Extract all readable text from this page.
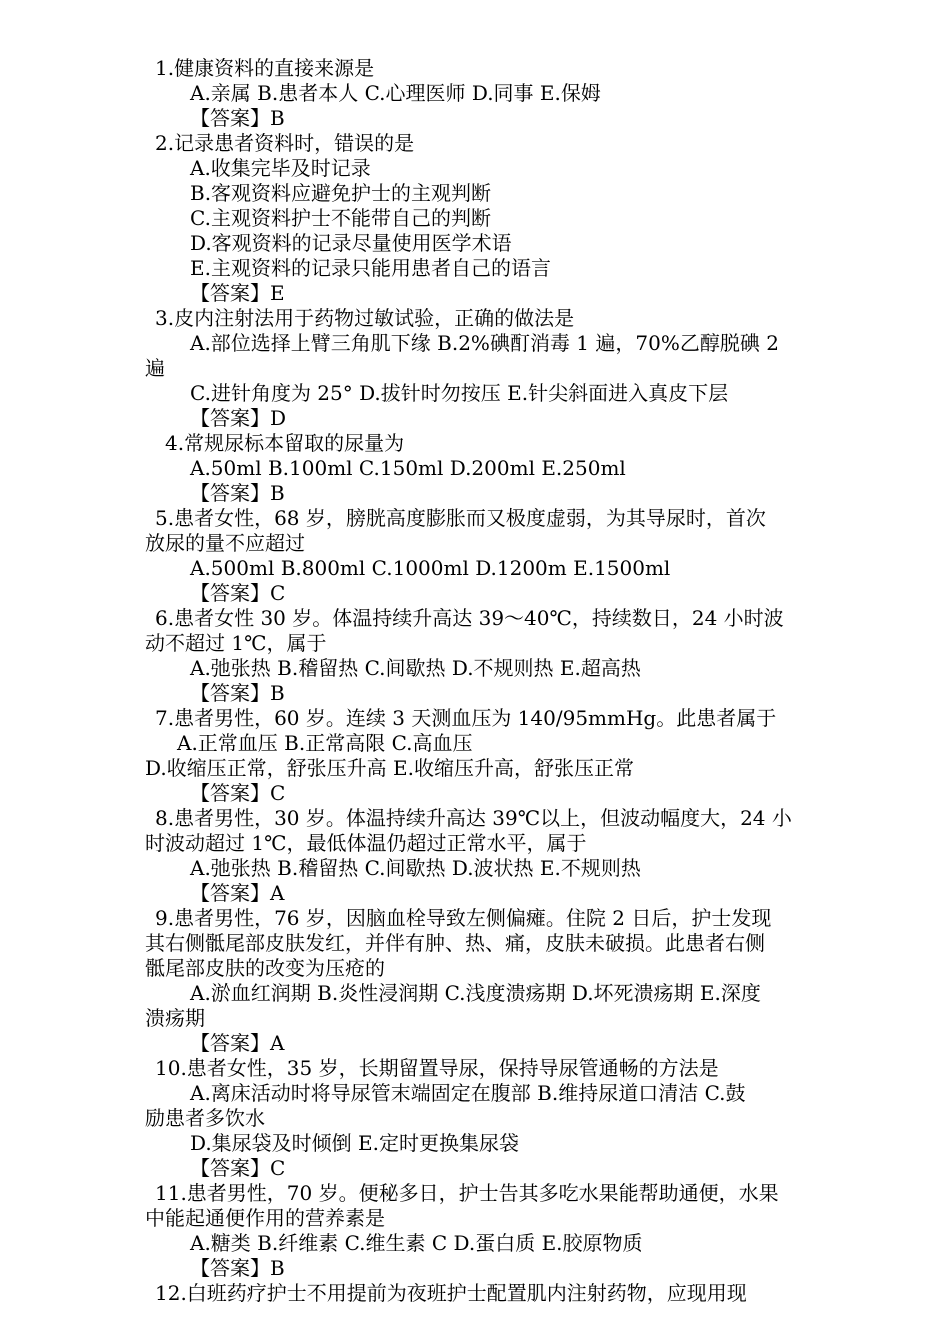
1.健康资料的直接来源是
A.亲属 B.患者本人 C.心理医师 D.同事 E.保姆
【答案】B
2.记录患者资料时，错误的是
A.收集完毕及时记录
B.客观资料应避免护士的主观判断
C.主观资料护士不能带自己的判断
D.客观资料的记录尽量使用医学术语
E.主观资料的记录只能用患者自己的语言
【答案】E
3.皮内注射法用于药物过敏试验，正确的做法是
A.部位选择上臂三角肌下缘 B.2%碘酊消毒 1 遍，70%乙醇脱碘 2
遍
C.进针角度为 25° D.拔针时勿按压 E.针尖斜面进入真皮下层
【答案】D
4.常规尿标本留取的尿量为
A.50ml B.100ml C.150ml D.200ml E.250ml
【答案】B
5.患者女性，68 岁，膀胱高度膨胀而又极度虚弱，为其导尿时，首次
放尿的量不应超过
A.500ml B.800ml C.1000ml D.1200m E.1500ml
【答案】C
6.患者女性 30 岁。体温持续升高达 39～40℃，持续数日，24 小时波
动不超过 1℃，属于
A.弛张热 B.稽留热 C.间歇热 D.不规则热 E.超高热
【答案】B
7.患者男性，60 岁。连续 3 天测血压为 140/95mmHg。此患者属于
A.正常血压 B.正常高限 C.高血压
D.收缩压正常，舒张压升高 E.收缩压升高，舒张压正常
【答案】C
8.患者男性，30 岁。体温持续升高达 39℃以上，但波动幅度大，24 小
时波动超过 1℃，最低体温仍超过正常水平，属于
A.弛张热 B.稽留热 C.间歇热 D.波状热 E.不规则热
【答案】A
9.患者男性，76 岁，因脑血栓导致左侧偏瘫。住院 2 日后，护士发现
其右侧骶尾部皮肤发红，并伴有肿、热、痛，皮肤未破损。此患者右侧
骶尾部皮肤的改变为压疮的
A.淤血红润期 B.炎性浸润期 C.浅度溃疡期 D.坏死溃疡期 E.深度
溃疡期
【答案】A
10.患者女性，35 岁，长期留置导尿，保持导尿管通畅的方法是
A.离床活动时将导尿管末端固定在腹部 B.维持尿道口清洁 C.鼓
励患者多饮水
D.集尿袋及时倾倒 E.定时更换集尿袋
【答案】C
11.患者男性，70 岁。便秘多日，护士告其多吃水果能帮助通便，水果
中能起通便作用的营养素是
A.糖类 B.纤维素 C.维生素 C D.蛋白质 E.胶原物质
【答案】B
12.白班药疗护士不用提前为夜班护士配置肌内注射药物，应现用现
